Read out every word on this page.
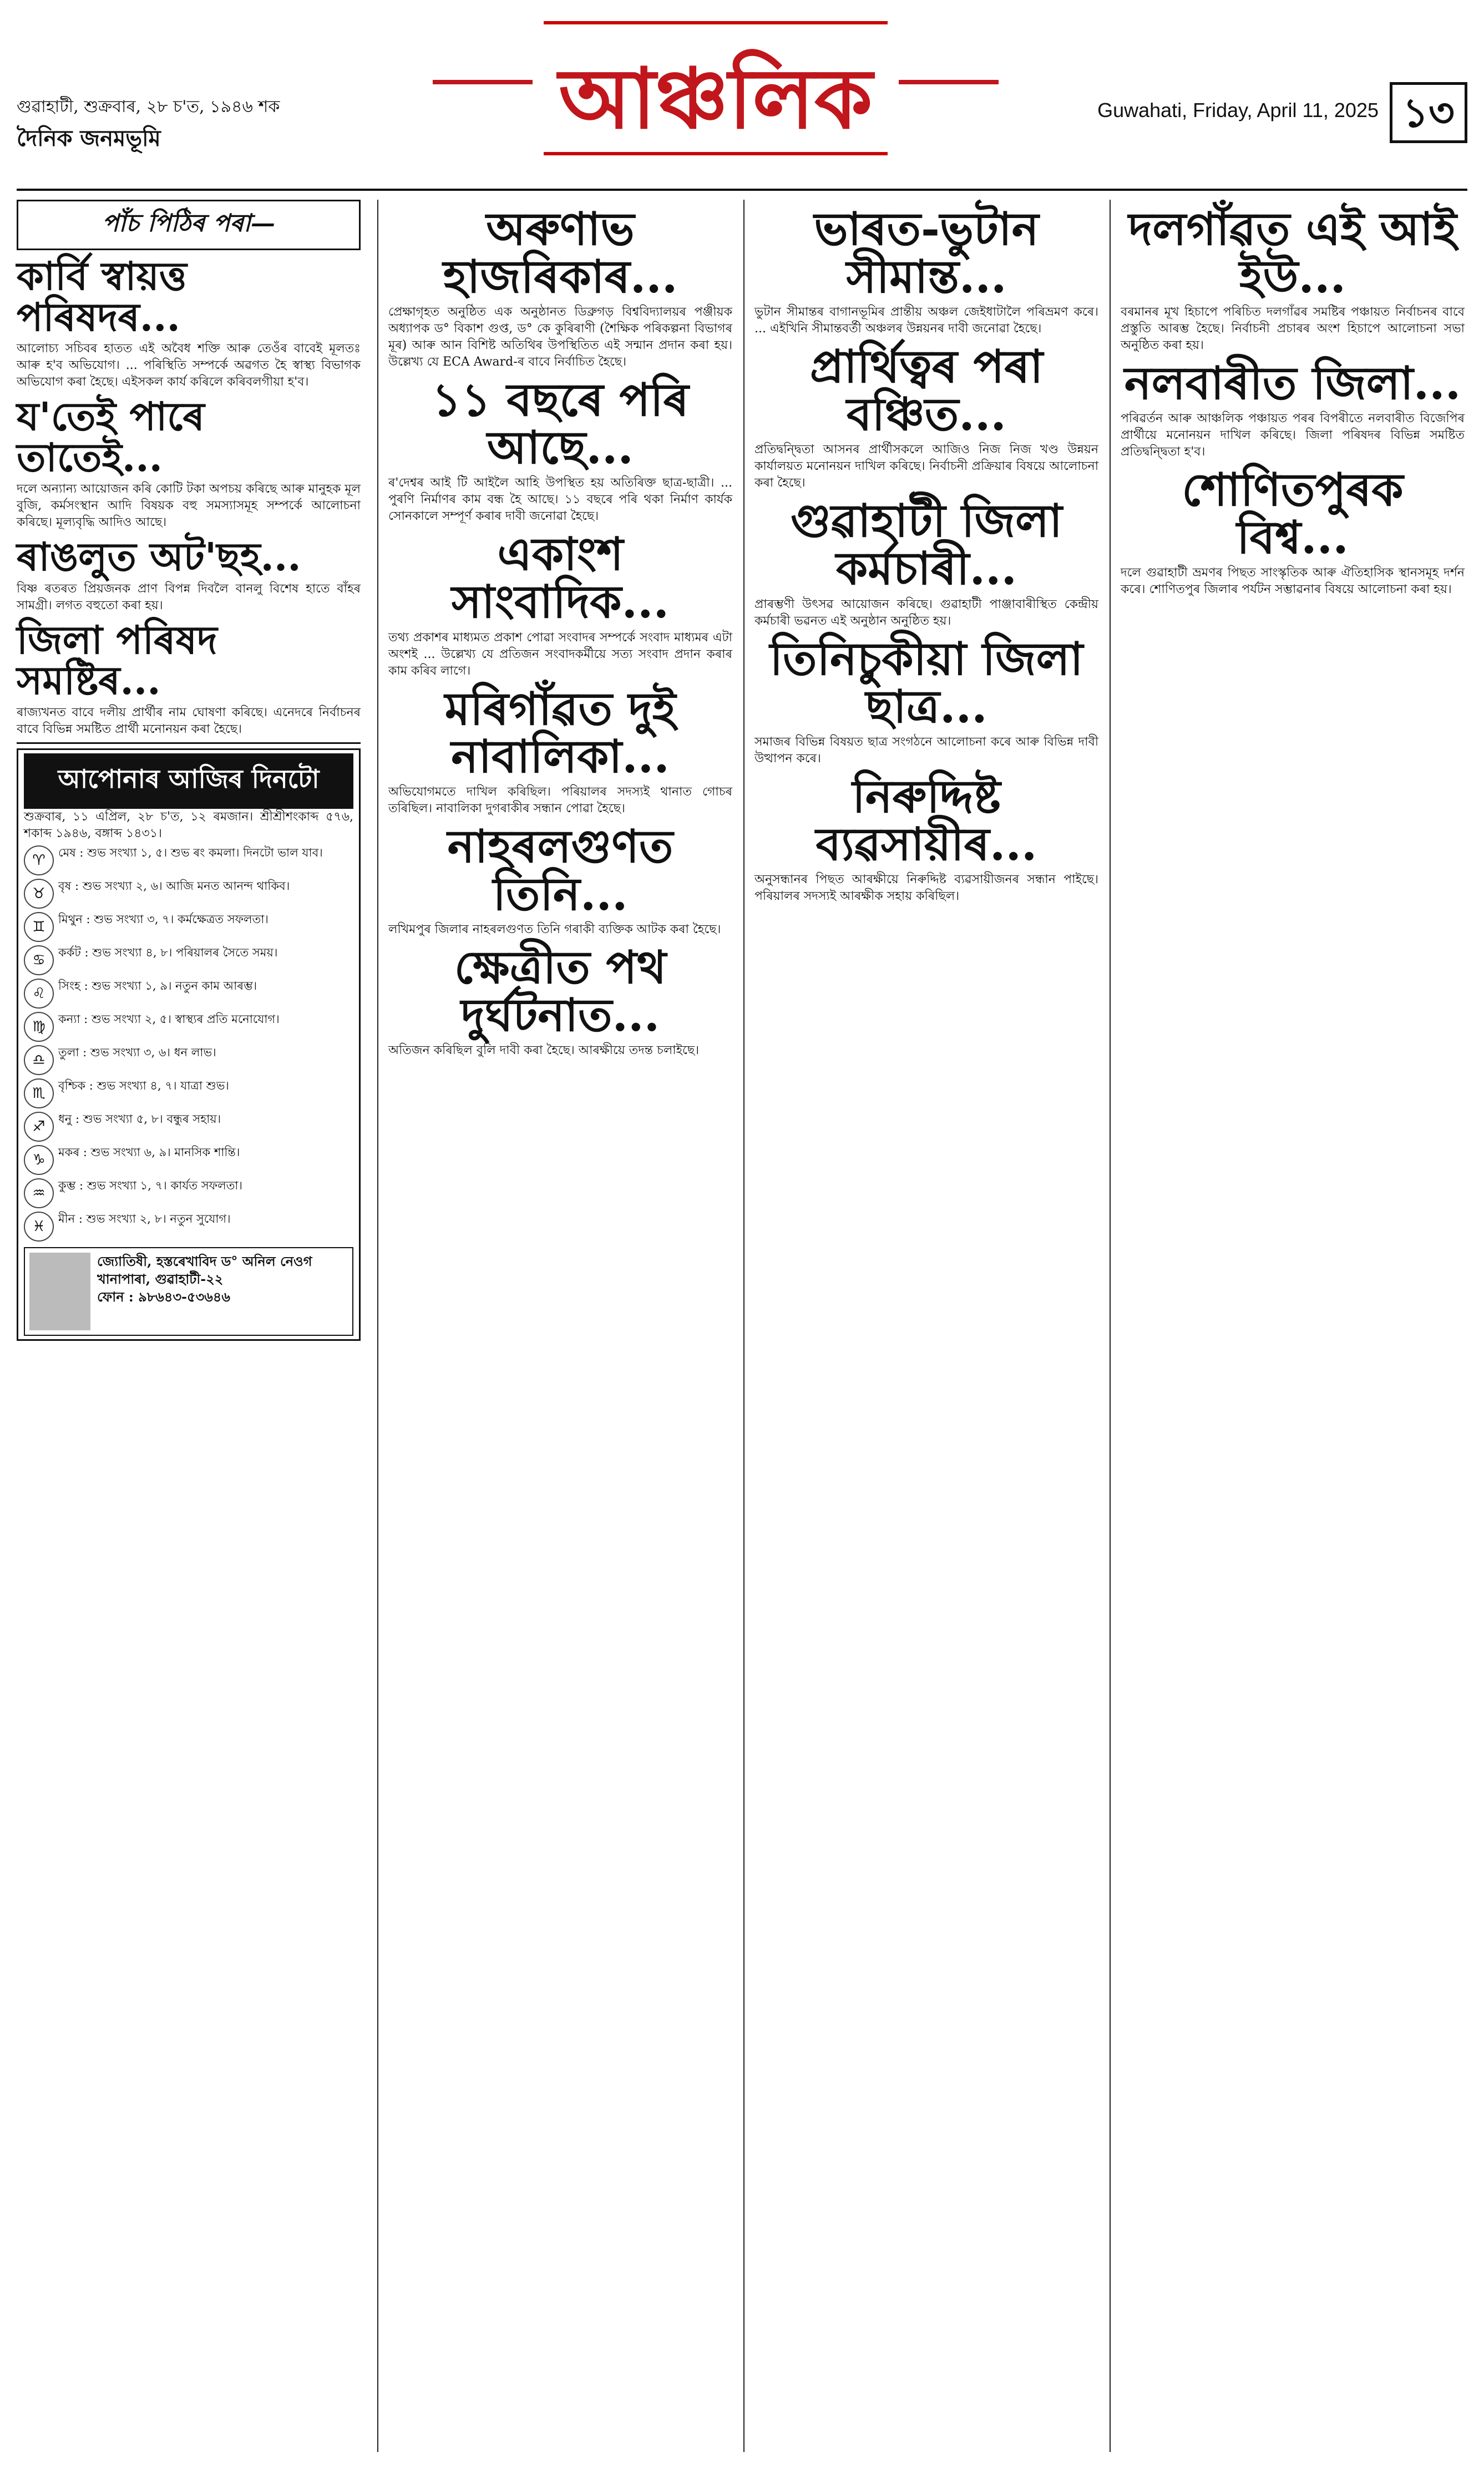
গুৱাহাটী, শুক্ৰবাৰ, ২৮ চ'ত, ১৯৪৬ শক
দৈনিক জনমভূমি	আঞ্চলিক	Guwahati, Friday, April 11, 2025 ১৩
পাঁচ পিঠিৰ পৰা—
কাৰ্বি স্বায়ত্ত পৰিষদৰ...
আলোচ্য সচিবৰ হাতত এই অবৈধ শক্তি আৰু তেওঁৰ বাবেই মূলতঃ আৰু হ'ব অভিযোগ। ... পৰিস্থিতি সম্পৰ্কে অৱগত হৈ স্বাস্থ্য বিভাগক অভিযোগ কৰা হৈছে। এইসকল কাৰ্য কৰিলে কৰিবলগীয়া হ'ব।
য'তেই পাৰে তাতেই...
দলে অন্যান্য আয়োজন কৰি কোটি টকা অপচয় কৰিছে আৰু মানুহক মূল বুজি, কৰ্মসংস্থান আদি বিষয়ক বহু সমস্যাসমূহ সম্পৰ্কে আলোচনা কৰিছে। মূল্যবৃদ্ধি আদিও আছে।
ৰাঙলুত অট'ছহ...
বিষ্ণ ৰতৰত প্ৰিয়জনক প্ৰাণ বিপন্ন দিবলৈ বানলু বিশেষ হাতে বাঁহৰ সামগ্ৰী। লগত বহুতো কৰা হয়।
জিলা পৰিষদ সমষ্টিৰ...
ৰাজ্যখনত বাবে দলীয় প্ৰাৰ্থীৰ নাম ঘোষণা কৰিছে। এনেদৰে নিৰ্বাচনৰ বাবে বিভিন্ন সমষ্টিত প্ৰাৰ্থী মনোনয়ন কৰা হৈছে।
আপোনাৰ আজিৰ দিনটো
শুক্ৰবাৰ, ১১ এপ্ৰিল, ২৮ চ'ত, ১২ ৰমজান। শ্ৰীশ্ৰীশংকাব্দ ৫৭৬, শকাব্দ ১৯৪৬, বঙ্গাব্দ ১৪৩১।
♈	মেষ : শুভ সংখ্যা ১, ৫। শুভ ৰং কমলা। দিনটো ভাল যাব।
♉	বৃষ : শুভ সংখ্যা ২, ৬। আজি মনত আনন্দ থাকিব।
♊	মিথুন : শুভ সংখ্যা ৩, ৭। কৰ্মক্ষেত্ৰত সফলতা।
♋	কৰ্কট : শুভ সংখ্যা ৪, ৮। পৰিয়ালৰ সৈতে সময়।
♌	সিংহ : শুভ সংখ্যা ১, ৯। নতুন কাম আৰম্ভ।
♍	কন্যা : শুভ সংখ্যা ২, ৫। স্বাস্থ্যৰ প্ৰতি মনোযোগ।
♎	তুলা : শুভ সংখ্যা ৩, ৬। ধন লাভ।
♏	বৃশ্চিক : শুভ সংখ্যা ৪, ৭। যাত্ৰা শুভ।
♐	ধনু : শুভ সংখ্যা ৫, ৮। বন্ধুৰ সহায়।
♑	মকৰ : শুভ সংখ্যা ৬, ৯। মানসিক শান্তি।
♒	কুম্ভ : শুভ সংখ্যা ১, ৭। কাৰ্যত সফলতা।
♓	মীন : শুভ সংখ্যা ২, ৮। নতুন সুযোগ।
জ্যোতিষী, হস্তৰেখাবিদ ড° অনিল নেওগ
খানাপাৰা, গুৱাহাটী-২২
ফোন : ৯৮৬৪৩-৫৩৬৪৬
অৰুণাভ হাজৰিকাৰ...
প্ৰেক্ষাগৃহত অনুষ্ঠিত এক অনুষ্ঠানত ডিব্ৰুগড় বিশ্ববিদ্যালয়ৰ পঞ্জীয়ক অধ্যাপক ড° বিকাশ গুপ্ত, ড° কে কুৰিৰাণী (শৈক্ষিক পৰিকল্পনা বিভাগৰ মূৰ) আৰু আন বিশিষ্ট অতিথিৰ উপস্থিতিত এই সন্মান প্ৰদান কৰা হয়। উল্লেখ্য যে ECA Award-ৰ বাবে নিৰ্বাচিত হৈছে।
১১ বছৰে পৰি আছে...
ৰ'দেশ্বৰ আই টি আইলৈ আহি উপস্থিত হয় অতিৰিক্ত ছাত্ৰ-ছাত্ৰী। ... পুৰণি নিৰ্মাণৰ কাম বন্ধ হৈ আছে। ১১ বছৰে পৰি থকা নিৰ্মাণ কাৰ্যক সোনকালে সম্পূৰ্ণ কৰাৰ দাবী জনোৱা হৈছে।
একাংশ সাংবাদিক...
তথ্য প্ৰকাশৰ মাধ্যমত প্ৰকাশ পোৱা সংবাদৰ সম্পৰ্কে সংবাদ মাধ্যমৰ এটা অংশই ... উল্লেখ্য যে প্ৰতিজন সংবাদকৰ্মীয়ে সত্য সংবাদ প্ৰদান কৰাৰ কাম কৰিব লাগে।
মৰিগাঁৱত দুই নাবালিকা...
অভিযোগমতে দাখিল কৰিছিল। পৰিয়ালৰ সদস্যই থানাত গোচৰ তৰিছিল। নাবালিকা দুগৰাকীৰ সন্ধান পোৱা হৈছে।
নাহৰলগুণত তিনি...
লখিমপুৰ জিলাৰ নাহৰলগুণত তিনি গৰাকী ব্যক্তিক আটক কৰা হৈছে।
ক্ষেত্ৰীত পথ দুৰ্ঘটনাত...
অতিজন কৰিছিল বুলি দাবী কৰা হৈছে। আৰক্ষীয়ে তদন্ত চলাইছে।
ভাৰত-ভুটান সীমান্ত...
ভুটান সীমান্তৰ বাগানভূমিৰ প্ৰান্তীয় অঞ্চল জেইধাটালৈ পৰিভ্ৰমণ কৰে। ... এইখিনি সীমান্তবৰ্তী অঞ্চলৰ উন্নয়নৰ দাবী জনোৱা হৈছে।
প্ৰাৰ্থিত্বৰ পৰা বঞ্চিত...
প্ৰতিদ্বন্দ্বিতা আসনৰ প্ৰাৰ্থীসকলে আজিও নিজ নিজ খণ্ড উন্নয়ন কাৰ্যালয়ত মনোনয়ন দাখিল কৰিছে। নিৰ্বাচনী প্ৰক্ৰিয়াৰ বিষয়ে আলোচনা কৰা হৈছে।
গুৱাহাটী জিলা কৰ্মচাৰী...
প্ৰাৰম্ভণী উৎসৱ আয়োজন কৰিছে। গুৱাহাটী পাঞ্জাবাৰীস্থিত কেন্দ্ৰীয় কৰ্মচাৰী ভৱনত এই অনুষ্ঠান অনুষ্ঠিত হয়।
তিনিচুকীয়া জিলা ছাত্ৰ...
সমাজৰ বিভিন্ন বিষয়ত ছাত্ৰ সংগঠনে আলোচনা কৰে আৰু বিভিন্ন দাবী উত্থাপন কৰে।
নিৰুদ্দিষ্ট ব্যৱসায়ীৰ...
অনুসন্ধানৰ পিছত আৰক্ষীয়ে নিৰুদ্দিষ্ট ব্যৱসায়ীজনৰ সন্ধান পাইছে। পৰিয়ালৰ সদস্যই আৰক্ষীক সহায় কৰিছিল।
দলগাঁৱত এই আই ইউ...
বৰমানৰ মূখ হিচাপে পৰিচিত দলগাঁৱৰ সমষ্টিৰ পঞ্চায়ত নিৰ্বাচনৰ বাবে প্ৰস্তুতি আৰম্ভ হৈছে। নিৰ্বাচনী প্ৰচাৰৰ অংশ হিচাপে আলোচনা সভা অনুষ্ঠিত কৰা হয়।
নলবাৰীত জিলা...
পৰিৱৰ্তন আৰু আঞ্চলিক পঞ্চায়ত পৰৰ বিপৰীতে নলবাৰীত বিজেপিৰ প্ৰাৰ্থীয়ে মনোনয়ন দাখিল কৰিছে। জিলা পৰিষদৰ বিভিন্ন সমষ্টিত প্ৰতিদ্বন্দ্বিতা হ'ব।
শোণিতপুৰক বিশ্ব...
দলে গুৱাহাটী ভ্ৰমণৰ পিছত সাংস্কৃতিক আৰু ঐতিহাসিক স্থানসমূহ দৰ্শন কৰে। শোণিতপুৰ জিলাৰ পৰ্যটন সম্ভাৱনাৰ বিষয়ে আলোচনা কৰা হয়।
